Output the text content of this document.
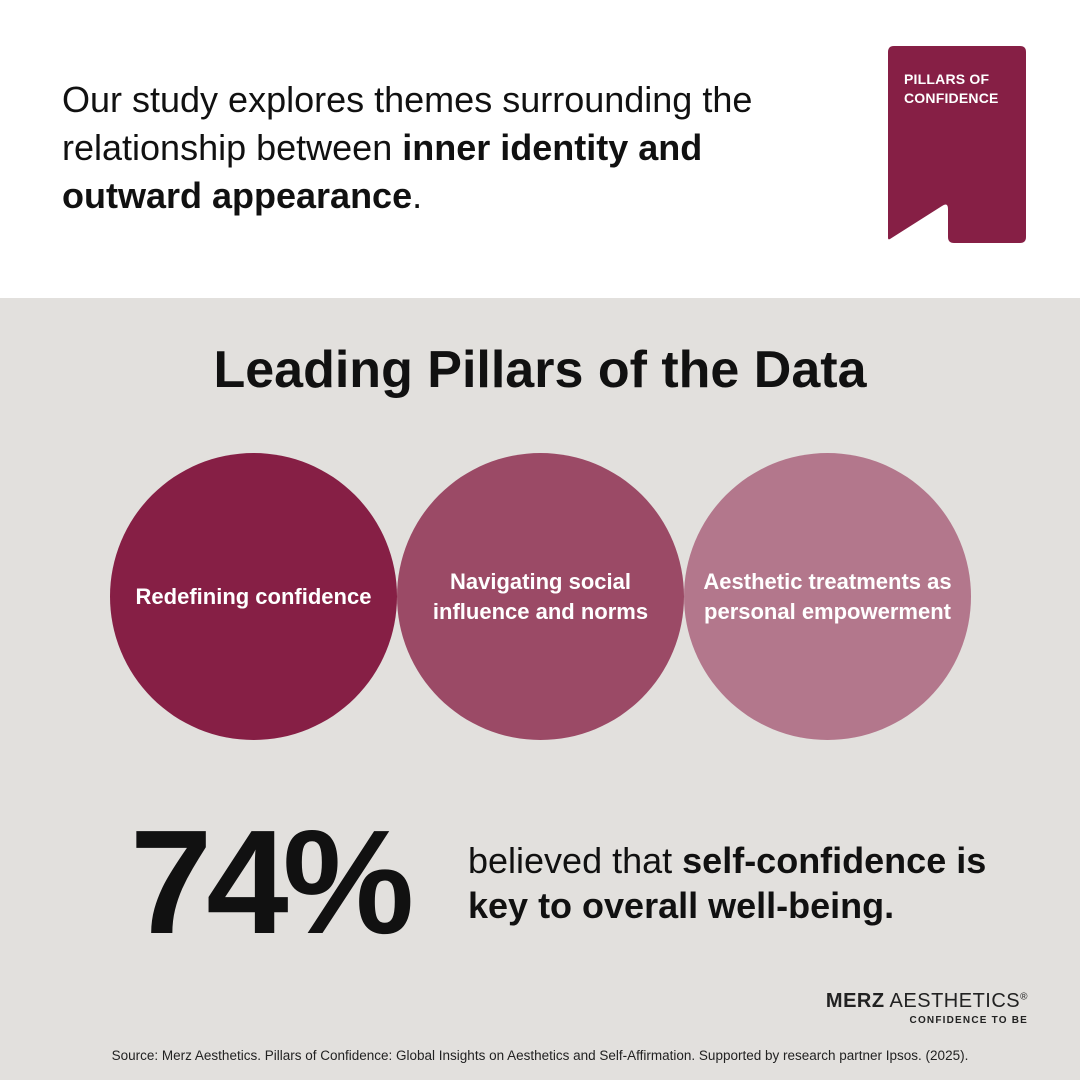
Our study explores themes surrounding the relationship between inner identity and outward appearance.

PILLARS OF
CONFIDENCE
Leading Pillars of the Data
Redefining confidence
Navigating social influence and norms
Aesthetic treatments as personal empowerment
74% believed that self-confidence is key to overall well-being.

MERZ AESTHETICS®
CONFIDENCE TO BE
Source: Merz Aesthetics. Pillars of Confidence: Global Insights on Aesthetics and Self-Affirmation. Supported by research partner Ipsos. (2025).
